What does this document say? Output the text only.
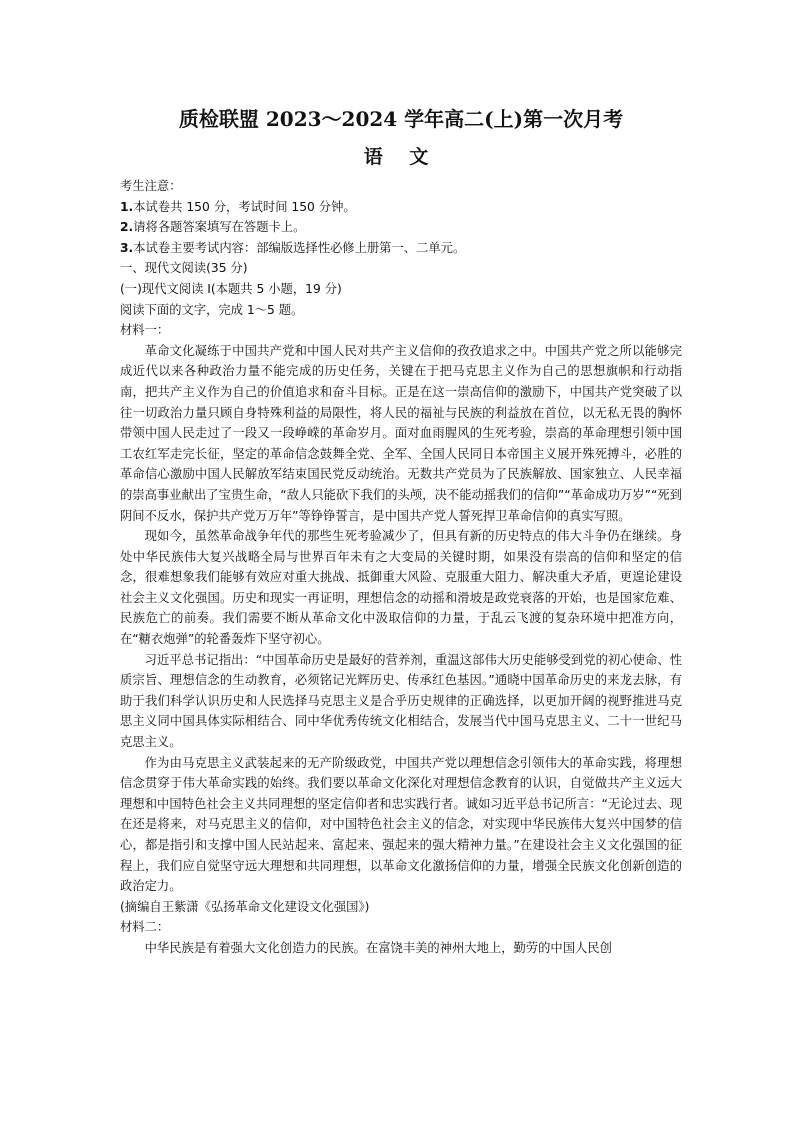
质检联盟 2023～2024 学年高二(上)第一次月考
语 文

考生注意：

1.本试卷共 150 分，考试时间 150 分钟。

2.请将各题答案填写在答题卡上。

3.本试卷主要考试内容：部编版选择性必修上册第一、二单元。

一、现代文阅读(35 分)

(一)现代文阅读 I(本题共 5 小题，19 分)

阅读下面的文字，完成 1～5 题。

材料一：

革命文化凝练于中国共产党和中国人民对共产主义信仰的孜孜追求之中。中国共产党之所以能够完成近代以来各种政治力量不能完成的历史任务，关键在于把马克思主义作为自己的思想旗帜和行动指南，把共产主义作为自己的价值追求和奋斗目标。正是在这一崇高信仰的激励下，中国共产党突破了以往一切政治力量只顾自身特殊利益的局限性，将人民的福祉与民族的利益放在首位，以无私无畏的胸怀带领中国人民走过了一段又一段峥嵘的革命岁月。面对血雨腥风的生死考验，崇高的革命理想引领中国工农红军走完长征，坚定的革命信念鼓舞全党、全军、全国人民同日本帝国主义展开殊死搏斗，必胜的革命信心激励中国人民解放军结束国民党反动统治。无数共产党员为了民族解放、国家独立、人民幸福的崇高事业献出了宝贵生命，“敌人只能砍下我们的头颅，决不能动摇我们的信仰”“革命成功万岁”“死到阴间不反水，保护共产党万万年”等铮铮誓言，是中国共产党人誓死捍卫革命信仰的真实写照。

现如今，虽然革命战争年代的那些生死考验减少了，但具有新的历史特点的伟大斗争仍在继续。身处中华民族伟大复兴战略全局与世界百年未有之大变局的关键时期，如果没有崇高的信仰和坚定的信念，很难想象我们能够有效应对重大挑战、抵御重大风险、克服重大阻力、解决重大矛盾，更遑论建设社会主义文化强国。历史和现实一再证明，理想信念的动摇和滑坡是政党衰落的开始，也是国家危难、民族危亡的前奏。我们需要不断从革命文化中汲取信仰的力量，于乱云飞渡的复杂环境中把准方向，在“糖衣炮弹”的轮番轰炸下坚守初心。

习近平总书记指出：“中国革命历史是最好的营养剂，重温这部伟大历史能够受到党的初心使命、性质宗旨、理想信念的生动教育，必须铭记光辉历史、传承红色基因。”通晓中国革命历史的来龙去脉，有助于我们科学认识历史和人民选择马克思主义是合乎历史规律的正确选择，以更加开阔的视野推进马克思主义同中国具体实际相结合、同中华优秀传统文化相结合，发展当代中国马克思主义、二十一世纪马克思主义。

作为由马克思主义武装起来的无产阶级政党，中国共产党以理想信念引领伟大的革命实践，将理想信念贯穿于伟大革命实践的始终。我们要以革命文化深化对理想信念教育的认识，自觉做共产主义远大理想和中国特色社会主义共同理想的坚定信仰者和忠实践行者。诚如习近平总书记所言：“无论过去、现在还是将来，对马克思主义的信仰，对中国特色社会主义的信念，对实现中华民族伟大复兴中国梦的信心，都是指引和支撑中国人民站起来、富起来、强起来的强大精神力量。”在建设社会主义文化强国的征程上，我们应自觉坚守远大理想和共同理想，以革命文化激扬信仰的力量，增强全民族文化创新创造的政治定力。

(摘编自王紫潇《弘扬革命文化建设文化强国》)

材料二：

中华民族是有着强大文化创造力的民族。在富饶丰美的神州大地上，勤劳的中国人民创
